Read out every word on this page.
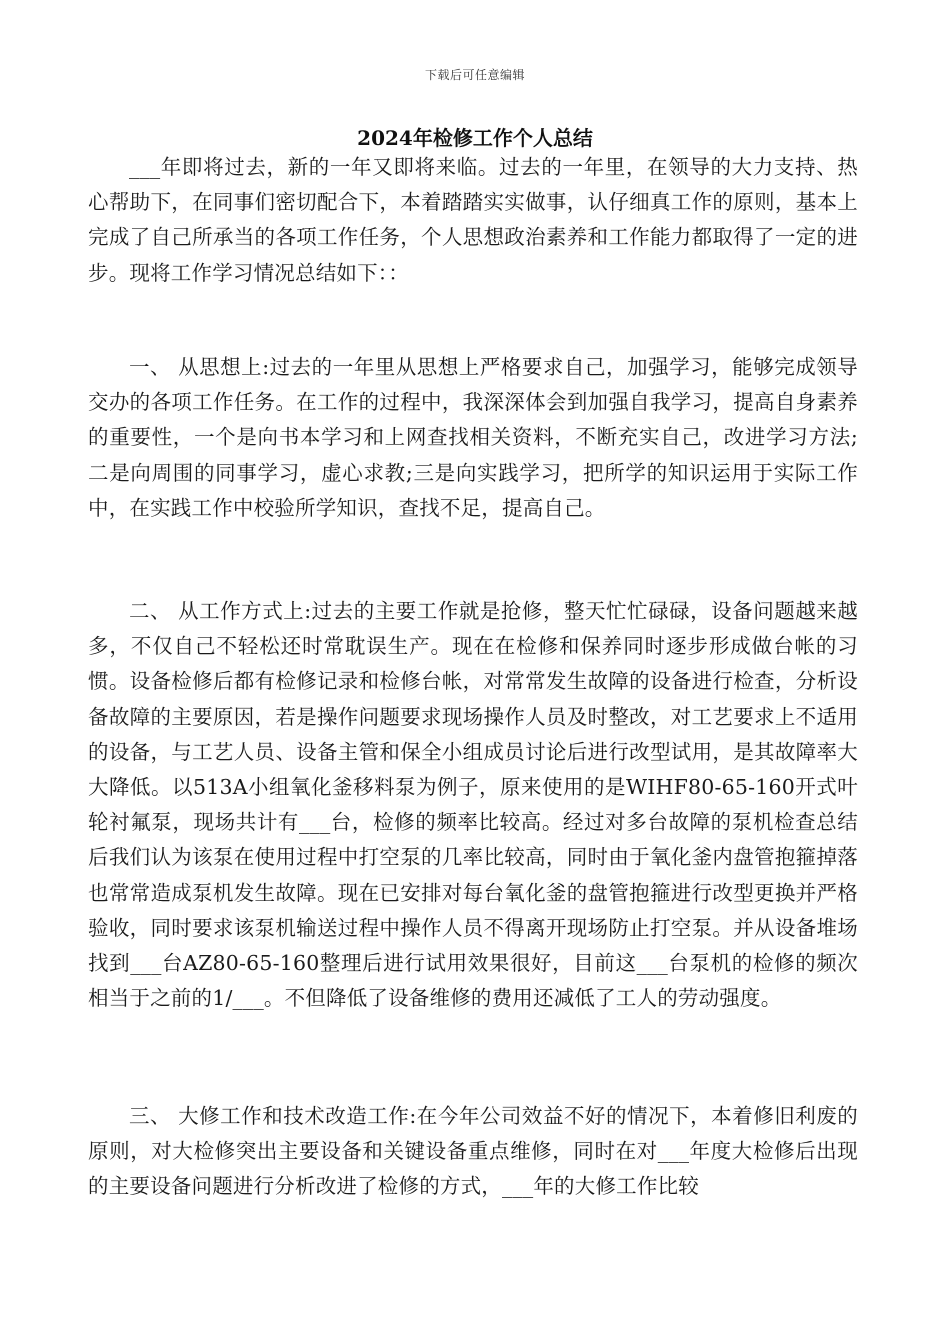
下载后可任意编辑
2024年检修工作个人总结

___年即将过去，新的一年又即将来临。过去的一年里，在领导的大力支持、热心帮助下，在同事们密切配合下，本着踏踏实实做事，认仔细真工作的原则，基本上完成了自己所承当的各项工作任务，个人思想政治素养和工作能力都取得了一定的进步。现将工作学习情况总结如下：：

一、 从思想上:过去的一年里从思想上严格要求自己，加强学习，能够完成领导交办的各项工作任务。在工作的过程中，我深深体会到加强自我学习，提高自身素养的重要性，一个是向书本学习和上网查找相关资料，不断充实自己，改进学习方法;二是向周围的同事学习，虚心求教;三是向实践学习，把所学的知识运用于实际工作中，在实践工作中校验所学知识，查找不足，提高自己。

二、 从工作方式上:过去的主要工作就是抢修，整天忙忙碌碌，设备问题越来越多，不仅自己不轻松还时常耽误生产。现在在检修和保养同时逐步形成做台帐的习惯。设备检修后都有检修记录和检修台帐，对常常发生故障的设备进行检查，分析设备故障的主要原因，若是操作问题要求现场操作人员及时整改，对工艺要求上不适用的设备，与工艺人员、设备主管和保全小组成员讨论后进行改型试用，是其故障率大大降低。以513A小组氧化釜移料泵为例子，原来使用的是WIHF80-65-160开式叶轮衬氟泵，现场共计有___台，检修的频率比较高。经过对多台故障的泵机检查总结后我们认为该泵在使用过程中打空泵的几率比较高，同时由于氧化釜内盘管抱箍掉落也常常造成泵机发生故障。现在已安排对每台氧化釜的盘管抱箍进行改型更换并严格验收，同时要求该泵机输送过程中操作人员不得离开现场防止打空泵。并从设备堆场找到___台AZ80-65-160整理后进行试用效果很好，目前这___台泵机的检修的频次相当于之前的1/___。不但降低了设备维修的费用还减低了工人的劳动强度。

三、 大修工作和技术改造工作:在今年公司效益不好的情况下，本着修旧利废的原则，对大检修突出主要设备和关键设备重点维修，同时在对___年度大检修后出现的主要设备问题进行分析改进了检修的方式，___年的大修工作比较
